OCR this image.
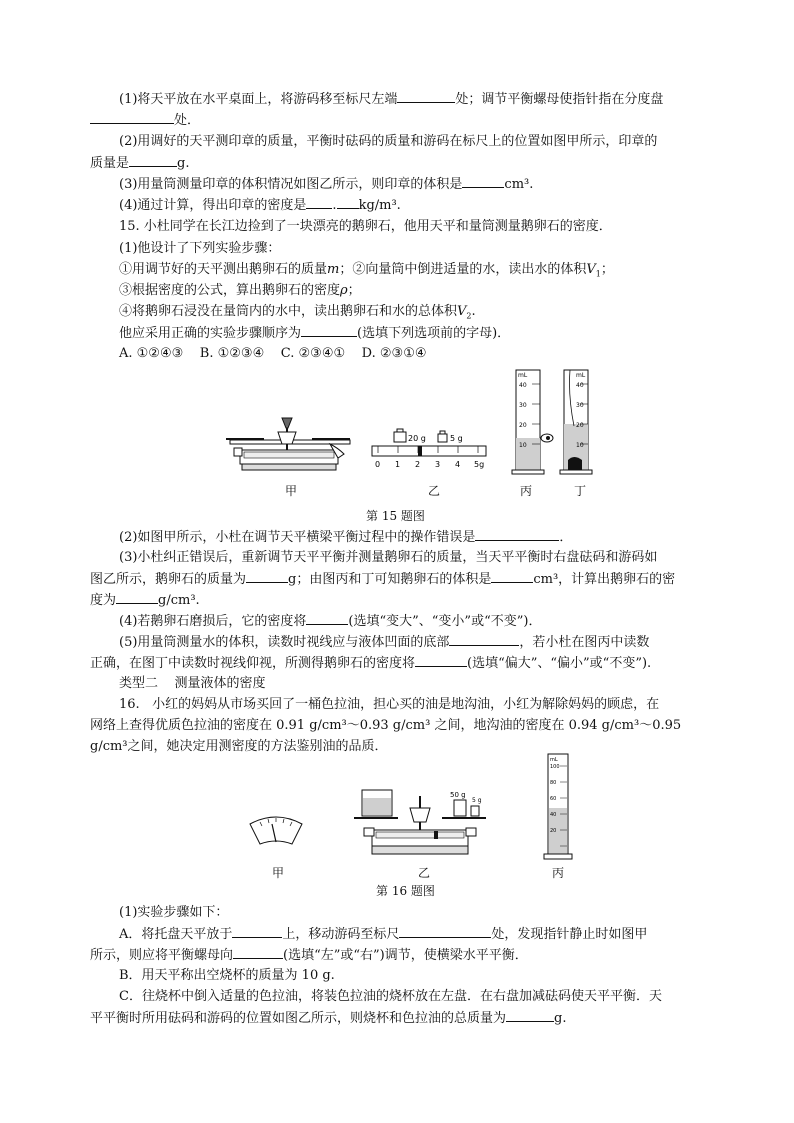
(1)将天平放在水平桌面上，将游码移至标尺左端	处；调节平衡螺母使指针指在分度盘
处．
(2)用调好的天平测印章的质量，平衡时砝码的质量和游码在标尺上的位置如图甲所示，印章的
质量是	g.
(3)用量筒测量印章的体积情况如图乙所示，则印章的体积是	cm³.
(4)通过计算，得出印章的密度是 . kg/m³.
15. 小杜同学在长江边捡到了一块漂亮的鹅卵石，他用天平和量筒测量鹅卵石的密度．
(1)他设计了下列实验步骤：
①用调节好的天平测出鹅卵石的质量m；②向量筒中倒进适量的水，读出水的体积$V_1$；
③根据密度的公式，算出鹅卵石的密度ρ；
④将鹅卵石浸没在量筒内的水中，读出鹅卵石和水的总体积$V_2$.
他应采用正确的实验步骤顺序为	(选填下列选项前的字母)．
A. ①②④③    B. ①②③④    C. ②③④①    D. ②③①④
甲
20 g	5 g
0 1 2 3 4 5g
乙
mL
40
30
20
10
丙
mL
40
30
20
10
丁
第 15 题图
(2)如图甲所示，小杜在调节天平横梁平衡过程中的操作错误是	．
(3)小杜纠正错误后，重新调节天平平衡并测量鹅卵石的质量，当天平平衡时右盘砝码和游码如
图乙所示，鹅卵石的质量为	g；由图丙和丁可知鹅卵石的体积是	cm³，计算出鹅卵石的密
度为	g/cm³.
(4)若鹅卵石磨损后，它的密度将	(选填“变大”、“变小”或“不变”)．
(5)用量筒测量水的体积，读数时视线应与液体凹面的底部	，若小杜在图丙中读数
正确，在图丁中读数时视线仰视，所测得鹅卵石的密度将	(选填“偏大”、“偏小”或“不变”).
类型二    测量液体的密度
16.   小红的妈妈从市场买回了一桶色拉油，担心买的油是地沟油，小红为解除妈妈的顾虑，在
网络上查得优质色拉油的密度在 0.91 g/cm³～0.93 g/cm³ 之间，地沟油的密度在 0.94 g/cm³～0.95
g/cm³之间，她决定用测密度的方法鉴别油的品质．
甲
50 g
5 g
乙
mL
100
80
60
40
20
丙
第 16 题图
(1)实验步骤如下：
A．将托盘天平放于	上，移动游码至标尺	处，发现指针静止时如图甲
所示，则应将平衡螺母向	(选填“左”或“右”)调节，使横梁水平平衡．
B．用天平称出空烧杯的质量为 10 g.
C．往烧杯中倒入适量的色拉油，将装色拉油的烧杯放在左盘．在右盘加减砝码使天平平衡．天
平平衡时所用砝码和游码的位置如图乙所示，则烧杯和色拉油的总质量为	g.
